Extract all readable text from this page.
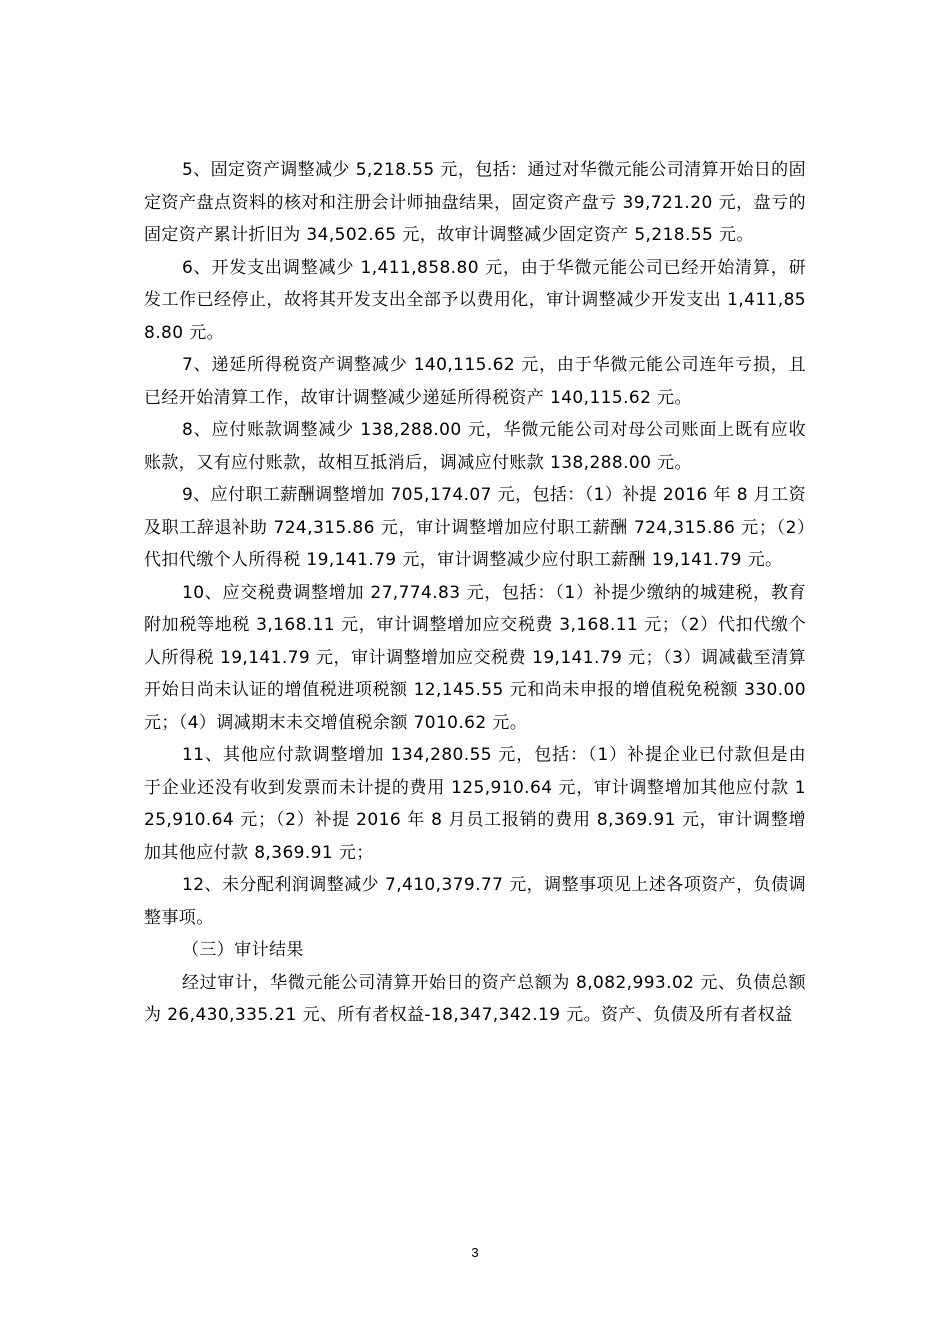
5、固定资产调整减少 5,218.55 元，包括：通过对华微元能公司清算开始日的固定资产盘点资料的核对和注册会计师抽盘结果，固定资产盘亏 39,721.20 元，盘亏的固定资产累计折旧为 34,502.65 元，故审计调整减少固定资产 5,218.55 元。

6、开发支出调整减少 1,411,858.80 元，由于华微元能公司已经开始清算，研发工作已经停止，故将其开发支出全部予以费用化，审计调整减少开发支出 1,411,858.80 元。

7、递延所得税资产调整减少 140,115.62 元，由于华微元能公司连年亏损，且已经开始清算工作，故审计调整减少递延所得税资产 140,115.62 元。

8、应付账款调整减少 138,288.00 元，华微元能公司对母公司账面上既有应收账款，又有应付账款，故相互抵消后，调减应付账款 138,288.00 元。

9、应付职工薪酬调整增加 705,174.07 元，包括：（1）补提 2016 年 8 月工资及职工辞退补助 724,315.86 元，审计调整增加应付职工薪酬 724,315.86 元；（2）代扣代缴个人所得税 19,141.79 元，审计调整减少应付职工薪酬 19,141.79 元。

10、应交税费调整增加 27,774.83 元，包括：（1）补提少缴纳的城建税，教育附加税等地税 3,168.11 元，审计调整增加应交税费 3,168.11 元；（2）代扣代缴个人所得税 19,141.79 元，审计调整增加应交税费 19,141.79 元；（3）调减截至清算开始日尚未认证的增值税进项税额 12,145.55 元和尚未申报的增值税免税额 330.00 元；（4）调减期末未交增值税余额 7010.62 元。

11、其他应付款调整增加 134,280.55 元，包括：（1）补提企业已付款但是由于企业还没有收到发票而未计提的费用 125,910.64 元，审计调整增加其他应付款 125,910.64 元；（2）补提 2016 年 8 月员工报销的费用 8,369.91 元，审计调整增加其他应付款 8,369.91 元；

12、未分配利润调整减少 7,410,379.77 元，调整事项见上述各项资产，负债调整事项。

（三）审计结果

经过审计，华微元能公司清算开始日的资产总额为 8,082,993.02 元、负债总额为 26,430,335.21 元、所有者权益-18,347,342.19 元。资产、负债及所有者权益

3
